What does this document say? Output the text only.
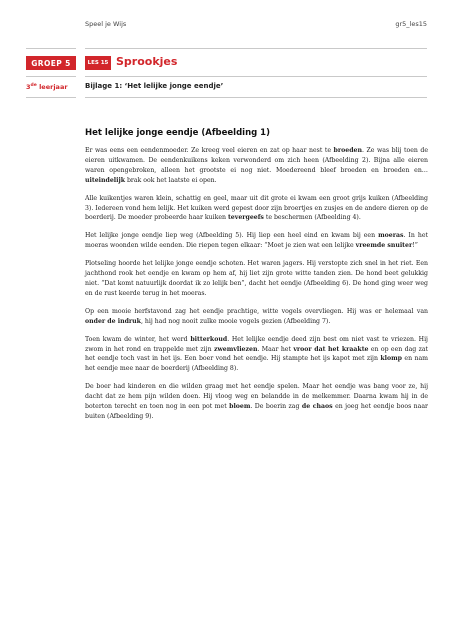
Speel je Wijs	gr5_les15
GROEP 5
3de leerjaar
LES 15 Sprookjes
Bijlage 1: ‘Het lelijke jonge eendje’
Het lelijke jonge eendje (Afbeelding 1)

Er was eens een eendenmoeder. Ze kreeg veel eieren en zat op haar nest te broeden. Ze was blij toen de eieren uitkwamen. De eendenkuikens keken verwonderd om zich heen (Afbeelding 2). Bijna alle eieren waren opengebroken, alleen het grootste ei nog niet. Moedereend bleef broeden en broeden en… uiteindelijk brak ook het laatste ei open.

Alle kuikentjes waren klein, schattig en geel, maar uit dit grote ei kwam een groot grijs kuiken (Afbeelding 3). Iedereen vond hem lelijk. Het kuiken werd gepest door zijn broertjes en zusjes en de andere dieren op de boerderij. De moeder probeerde haar kuiken tevergeefs te beschermen (Afbeelding 4).

Het lelijke jonge eendje liep weg (Afbeelding 5). Hij liep een heel eind en kwam bij een moeras. In het moeras woonden wilde eenden. Die riepen tegen elkaar: “Moet je zien wat een lelijke vreemde snuiter!”

Plotseling hoorde het lelijke jonge eendje schoten. Het waren jagers. Hij verstopte zich snel in het riet. Een jachthond rook het eendje en kwam op hem af, hij liet zijn grote witte tanden zien. De hond beet gelukkig niet. “Dat komt natuurlijk doordat ik zo lelijk ben”, dacht het eendje (Afbeelding 6). De hond ging weer weg en de rust keerde terug in het moeras.

Op een mooie herfstavond zag het eendje prachtige, witte vogels overvliegen. Hij was er helemaal van onder de indruk, hij had nog nooit zulke mooie vogels gezien (Afbeelding 7).

Toen kwam de winter, het werd bitterkoud. Het lelijke eendje deed zijn best om niet vast te vriezen. Hij zwom in het rond en trappelde met zijn zwemvliezen. Maar het vroor dat het kraakte en op een dag zat het eendje toch vast in het ijs. Een boer vond het eendje. Hij stampte het ijs kapot met zijn klomp en nam het eendje mee naar de boerderij (Afbeelding 8).

De boer had kinderen en die wilden graag met het eendje spelen. Maar het eendje was bang voor ze, hij dacht dat ze hem pijn wilden doen. Hij vloog weg en belandde in de melkemmer. Daarna kwam hij in de boterton terecht en toen nog in een pot met bloem. De boerin zag de chaos en joeg het eendje boos naar buiten (Afbeelding 9).
